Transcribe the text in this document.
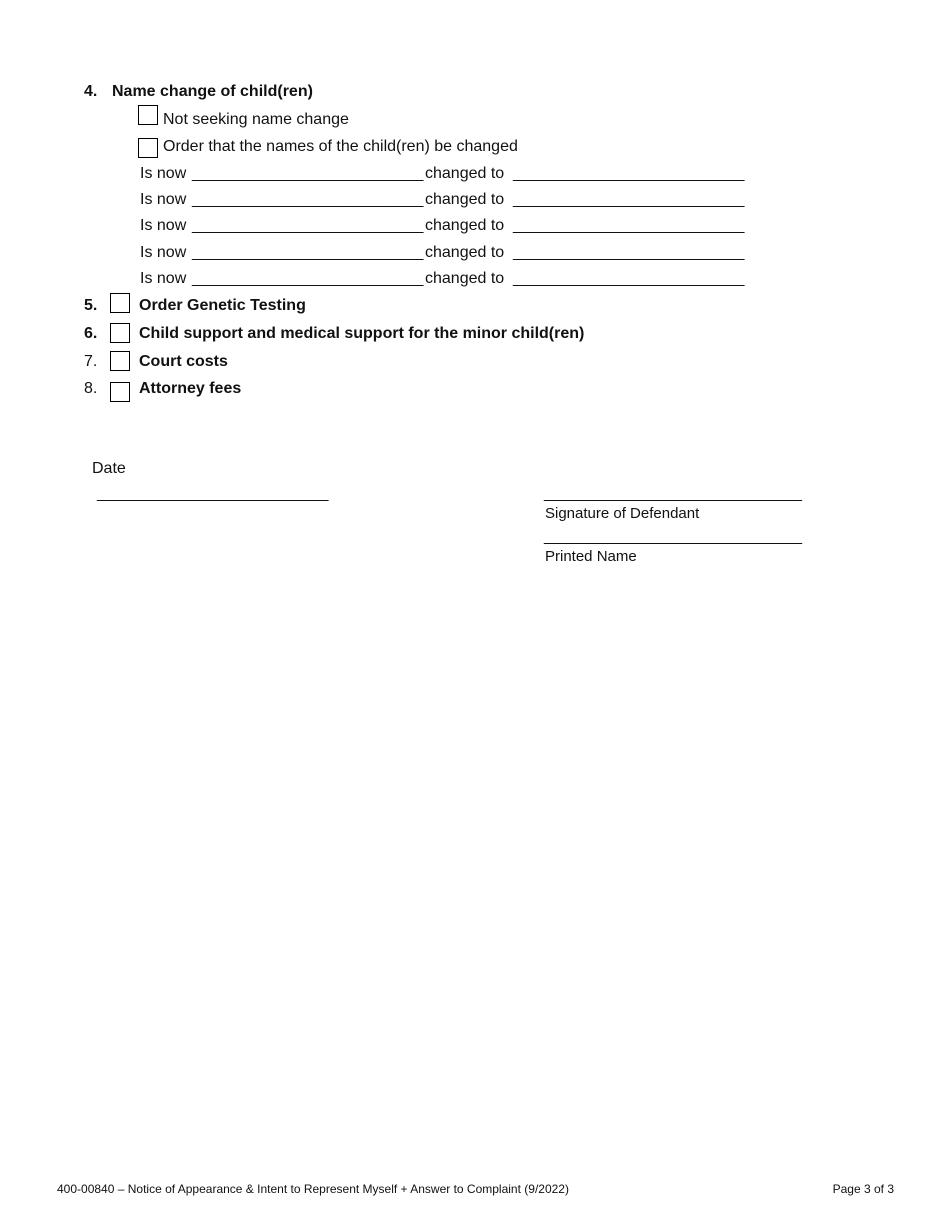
4. Name change of child(ren)
Not seeking name change
Order that the names of the child(ren) be changed
Is now __________________________ changed to __________________________
Is now __________________________ changed to __________________________
Is now __________________________ changed to __________________________
Is now __________________________ changed to __________________________
Is now __________________________ changed to __________________________
5.	Order Genetic Testing
6.	Child support and medical support for the minor child(ren)
7.	Court costs
8.	Attorney fees
Date
__________________________	_____________________________
Signature of Defendant
_____________________________
Printed Name
400-00840 – Notice of Appearance & Intent to Represent Myself + Answer to Complaint (9/2022)	Page 3 of 3
